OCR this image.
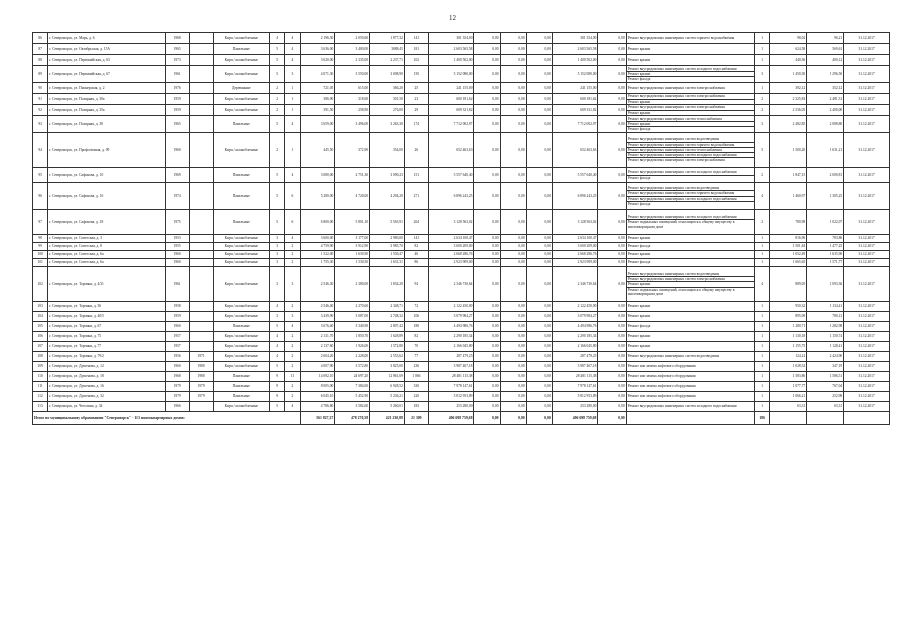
12
86	г. Североморск, ул. Марь, д. 6	1968		Кирп./ шлакоблочные	4	4	2 196,30	2 050,60	1 877,32	141	301 354,00	0,00	0,00	0,00	301 354,00	0,00	Ремонт внутридомовых инженерных систем горячего водоснабжения	1	98,02	96,21	31.12.2017
87	г. Североморск, ул. Октябрьская, д. 15А	1965		Панельные	5	4	3 636,00	3 400,00	3088,45	181	2 603 565,58	0,00	0,00	0,00	2 603 565,58	0,00	Ремонт крыши	1	624,58	569,61	31.12.2017
88	г. Североморск, ул. Первомайская, д. 63	1973		Кирп./ шлакоблочные	5	4	3 020,00	2 335,00	2 237,71	102	1 400 502,00	0,00	0,00	0,00	1 400 502,00	0,00	Ремонт крыши	1	440,56	400,12	31.12.2017
89	г. Североморск, ул. Первомайская, д. 67	1961		Кирп./ шлакоблочные	5	3	4 071,30	3 550,00	3 008,90	150	5 152 080,00	0,00	0,00	0,00	5 152 080,00	0,00	Ремонт внутридомовых инженерных систем холодного водоснабжения
Ремонт крыши
Ремонт фасада	3	1 450,30	1 296,50	31.12.2017
90	г. Североморск, ул. Пионерская, д. 2	1976		Деревянные	2	1	721,05	615,00	366,20	25	241 155,00	0,00	0,00	0,00	241 155,00	0,00	Ремонт внутридомовых инженерных систем электроснабжения	1	392,12	352,12	31.12.2017
91	г. Североморск, ул. Полярная, д. 30а	1959		Кирп./ шлакоблочные	2	1	386,90	318,60	301,50	23	600 181,62	0,00	0,00	0,00	600 181,62	0,00	Ремонт внутридомовых инженерных систем электроснабжения
Ремонт крыши	2	2 325,83	2 481,31	31.12.2017
92	г. Североморск, ул. Полярная, д. 35а	1959		Кирп./ шлакоблочные	2	1	391,50	258,90	276,00	29	609 331,82	0,00	0,00	0,00	609 331,82	0,00	Ремонт внутридомовых инженерных систем электроснабжения
Ремонт крыши	2	2 536,05	2 400,00	31.12.2017
93	г. Североморск, ул. Полярная, д. 38	1965		Панельные	5	4	3 659,00	3 496,00	3 263,30	174	7 712 002,97	0,00	0,00	0,00	7 712 002,97	0,00	Ремонт внутридомовых инженерных систем теплоснабжения
Ремонт крыши
Ремонт фасада	3	2 482,85	2 088,80	31.12.2017
94	г. Североморск, ул. Профсоюзная, д. 09	1960		Кирп./ шлакоблочные	2	1	445,50	372,90	354,00	26	652 463,63	0,00	0,00	0,00	652 463,63	0,00	Ремонт внутридомовых инженерных систем водоотведения
Ремонт внутридомовых инженерных систем горячего водоснабжения
Ремонт внутридомовых инженерных систем теплоснабжения
Ремонт внутридомовых инженерных систем холодного водоснабжения
Ремонт внутридомовых инженерных систем электроснабжения	5	1 500,20	1 631,21	31.12.2017
95	г. Североморск, ул. Сафонова, д. 10	1969		Панельные	5	4	3 080,00	2 751,30	3 090,23	151	5 557 640,40	0,00	0,00	0,00	5 557 640,40	0,00	Ремонт внутридомовых инженерных систем холодного водоснабжения
Ремонт фасада	2	1 847,15	2 000,81	31.12.2017
96	г. Североморск, ул. Сафонова, д. 16	1974		Панельные	5	6	5 280,00	4 720,00	4 294,20	271	6 896 243,25	0,00	0,00	0,00	6 896 243,25	0,00	Ремонт внутридомовых инженерных систем водоотведения
Ремонт внутридомовых инженерных систем горячего водоснабжения
Ремонт внутридомовых инженерных систем холодного водоснабжения
Ремонт фасада	4	1 460,97	1 305,25	31.12.2017
97	г. Североморск, ул. Сафонова, д. 18	1975		Панельные	5	6	6 800,00	5 801,10	5 563,91	264	3 128 563,02	0,00	0,00	0,00	3 128 563,02	0,00	Ремонт внутридомовых инженерных систем холодного водоснабжения
Ремонт подвальных помещений, относящихся к общему имуществу в многоквартирном доме	2	780,98	1 022,07	31.12.2017
98	г. Североморск, ул. Советская, д. 3	1953		Кирп./ шлакоблочные	3	4	3 600,00	3 177,00	2 980,00	141	2 634 100,47	0,00	0,00	0,00	2 634 100,47	0,00	Ремонт крыши	1	816,96	783,86	31.12.2017
99	г. Североморск, ул. Советская, д. 8	1955		Кирп./ шлакоблочные	3	2	4 759,90	3 912,90	3 985,70	82	3 600 209,00	0,00	0,00	0,00	3 600 209,00	0,00	Ремонт фасада	1	1 501,84	1 477,25	31.12.2017
100	г. Североморск, ул. Советская, д. 6а	1960		Кирп./ шлакоблочные	3	2	1 522,00	1 630,90	1 530,47	40	2 668 286,76	0,00	0,00	0,00	2 668 286,76	0,00	Ремонт крыши	1	1 652,49	1 635,90	31.12.2017
101	г. Североморск, ул. Советская, д. 6а	1960		Кирп./ шлакоблочные	3	2	1 755,30	1 530,50	1 631,31	86	2 923 909,00	0,00	0,00	0,00	2 923 909,00	0,00	Ремонт фасада	1	1 665,65	1 571,77	31.12.2017
102	г. Североморск, ул. Торпина, д. 4/31	1961		Кирп./ шлакоблочные	3	3	2 546,30	2 380,00	1 834,20	94	2 346 730,64	0,00	0,00	0,00	2 346 730,64	0,00	Ремонт внутридомовых инженерных систем водоотведения
Ремонт внутридомовых инженерных систем электроснабжения
Ремонт крыши
Ремонт подвальных помещений, относящихся к общему имуществу в многоквартирном доме	4	889,05	1 093,36	31.12.2017
103	г. Североморск, ул. Торпина, д. 36	1958		Кирп./ шлакоблочные	4	2	2 546,40	2 270,60	2 348,71	72	2 122 450,00	0,00	0,00	0,00	2 122 450,00	0,00	Ремонт крыши	1	950,32	1 134,41	31.12.2017
104	г. Североморск, ул. Торпина, д. 40/5	1959		Кирп./ шлакоблочные	3	3	3 439,90	3 087,00	2 748,32	106	3 079 984,27	0,00	0,00	0,00	3 079 984,27	0,00	Ремонт крыши	1	895,09	780,13	31.12.2017
105	г. Североморск, ул. Торпина, д. 67	1960		Панельные	5	4	3 676,40	3 340,90	2 807,42	180	4 494 986,76	0,00	0,00	0,00	4 494 986,76	0,00	Ремонт фасада	1	1 280,71	1 282,98	31.12.2017
106	г. Североморск, ул. Торпина, д. 75	1957		Кирп./ шлакоблочные	4	2	2 131,70	1 850,70	1 628,89	82	2 290 185,34	0,00	0,00	0,00	2 290 185,34	0,00	Ремонт крыши	1	1 130,18	1 150,74	31.12.2017
107	г. Североморск, ул. Торпина, д. 77	1957		Кирп./ шлакоблочные	4	2	2 137,60	1 926,00	1 572,80	70	2 166 045,80	0,00	0,00	0,00	2 166 045,80	0,00	Ремонт крыши	1	1 155,75	1 128,41	31.12.2017
108	г. Североморск, ул. Торпина, д. 79/2	1956	1971	Кирп./ шлакоблочные	4	2	2 604,20	2 228,00	2 553,62	77	287 479,25	0,00	0,00	0,00	287 479,25	0,00	Ремонт внутридомовых инженерных систем водоотведения	1	124,12	2 424,90	31.12.2017
109	г. Североморск, ул. Душенова, д. 12	1960	1980	Кирп./ шлакоблочные	5	2	4 007,90	3 572,80	3 825,00	236	3 987 467,18	0,00	0,00	0,00	3 987 467,18	0,00	Ремонт или замена лифтового оборудования	1	1 028,52	347,19	31.12.2017
110	г. Североморск, ул. Душенова, д. 18	1968	1980	Панельные	9	11	14 692,10	24 697,20	12 861,69	1 066	28 481 115,38	0,00	0,00	0,00	28 481 115,38	0,00	Ремонт или замена лифтового оборудования	1	1 583,86	1 586,51	31.12.2017
111	г. Североморск, ул. Душенова, д. 16	1979	1979	Панельные	9	2	8 005,00	7 384,00	6 928,52	330	7 978 147,61	0,00	0,00	0,00	7 978 147,61	0,00	Ремонт или замена лифтового оборудования	1	1 077,77	767,04	31.12.2017
112	г. Североморск, ул. Душенова, д. 32	1979	1979	Панельные	9	2	6 045,10	5 452,90	5 236,21	220	5 812 953,89	0,00	0,00	0,00	5 812 953,89	0,00	Ремонт или замена лифтового оборудования	1	1 066,21	252,98	31.12.2017
113	г. Североморск, ул. Чеголина, д. 34	1966		Кирп./ шлакоблочные	5	4	4 786,80	3 582,60	5 260,01	183	253 280,00	0,00	0,00	0,00	253 280,00	0,00	Ремонт внутридомовых инженерных систем холодного водоснабжения	1	63,31	63,31	31.12.2017
Итого по муниципальному образованию "Североморск" - 113 многоквартирных домов:							561 827,27	478 270,58	421 230,89	21 309	406 698 759,68	0,00	0,00	0,00	406 698 759,68	0,00		186			
